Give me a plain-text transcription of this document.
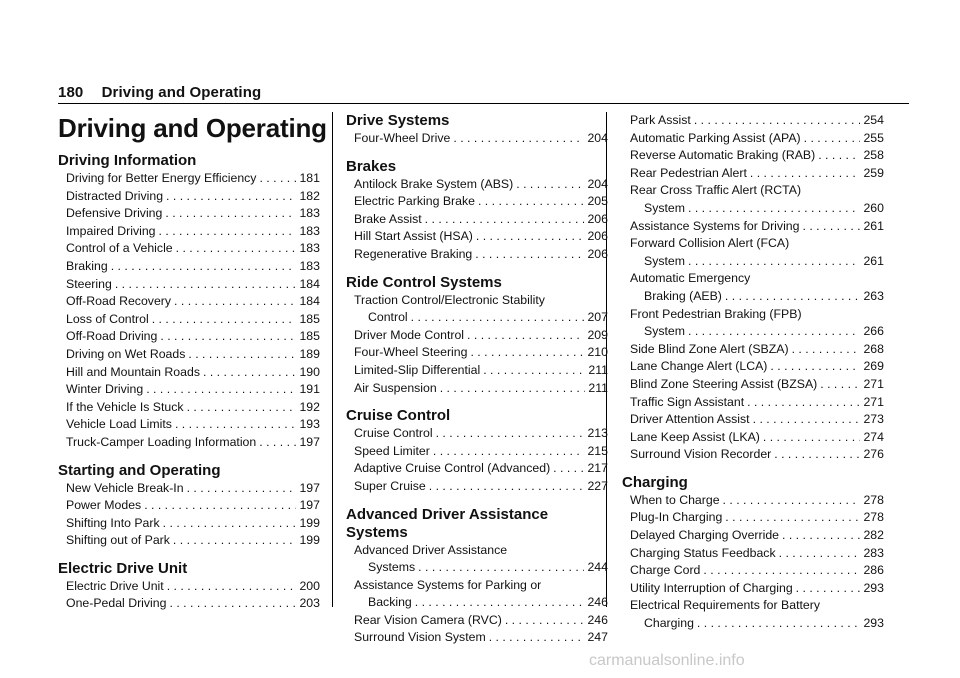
180 Driving and Operating
Driving and Operating
Driving Information
Driving for Better Energy Efficiency . . .	181
Distracted Driving . . .	182
Defensive Driving . . .	183
Impaired Driving . . .	183
Control of a Vehicle . . .	183
Braking . . .	183
Steering . . .	184
Off-Road Recovery . . .	184
Loss of Control . . .	185
Off-Road Driving . . .	185
Driving on Wet Roads . . .	189
Hill and Mountain Roads . . .	190
Winter Driving . . .	191
If the Vehicle Is Stuck . . .	192
Vehicle Load Limits . . .	193
Truck-Camper Loading Information . . .	197
Starting and Operating
New Vehicle Break-In . . .	197
Power Modes . . .	197
Shifting Into Park . . .	199
Shifting out of Park . . .	199
Electric Drive Unit
Electric Drive Unit . . .	200
One-Pedal Driving . . .	203
Drive Systems
Four-Wheel Drive . . .	204
Brakes
Antilock Brake System (ABS) . . .	204
Electric Parking Brake . . .	205
Brake Assist . . .	206
Hill Start Assist (HSA) . . .	206
Regenerative Braking . . .	206
Ride Control Systems
Traction Control/Electronic Stability
Control . . .	207
Driver Mode Control . . .	209
Four-Wheel Steering . . .	210
Limited-Slip Differential . . .	211
Air Suspension . . .	211
Cruise Control
Cruise Control . . .	213
Speed Limiter . . .	215
Adaptive Cruise Control (Advanced) . . .	217
Super Cruise . . .	227
Advanced Driver Assistance Systems
Advanced Driver Assistance
Systems . . .	244
Assistance Systems for Parking or
Backing . . .	246
Rear Vision Camera (RVC) . . .	246
Surround Vision System . . .	247
Park Assist . . .	254
Automatic Parking Assist (APA) . . .	255
Reverse Automatic Braking (RAB) . . .	258
Rear Pedestrian Alert . . .	259
Rear Cross Traffic Alert (RCTA)
System . . .	260
Assistance Systems for Driving . . .	261
Forward Collision Alert (FCA)
System . . .	261
Automatic Emergency
Braking (AEB) . . .	263
Front Pedestrian Braking (FPB)
System . . .	266
Side Blind Zone Alert (SBZA) . . .	268
Lane Change Alert (LCA) . . .	269
Blind Zone Steering Assist (BZSA) . . .	271
Traffic Sign Assistant . . .	271
Driver Attention Assist . . .	273
Lane Keep Assist (LKA) . . .	274
Surround Vision Recorder . . .	276
Charging
When to Charge . . .	278
Plug-In Charging . . .	278
Delayed Charging Override . . .	282
Charging Status Feedback . . .	283
Charge Cord . . .	286
Utility Interruption of Charging . . .	293
Electrical Requirements for Battery
Charging . . .	293
carmanualsonline.info
